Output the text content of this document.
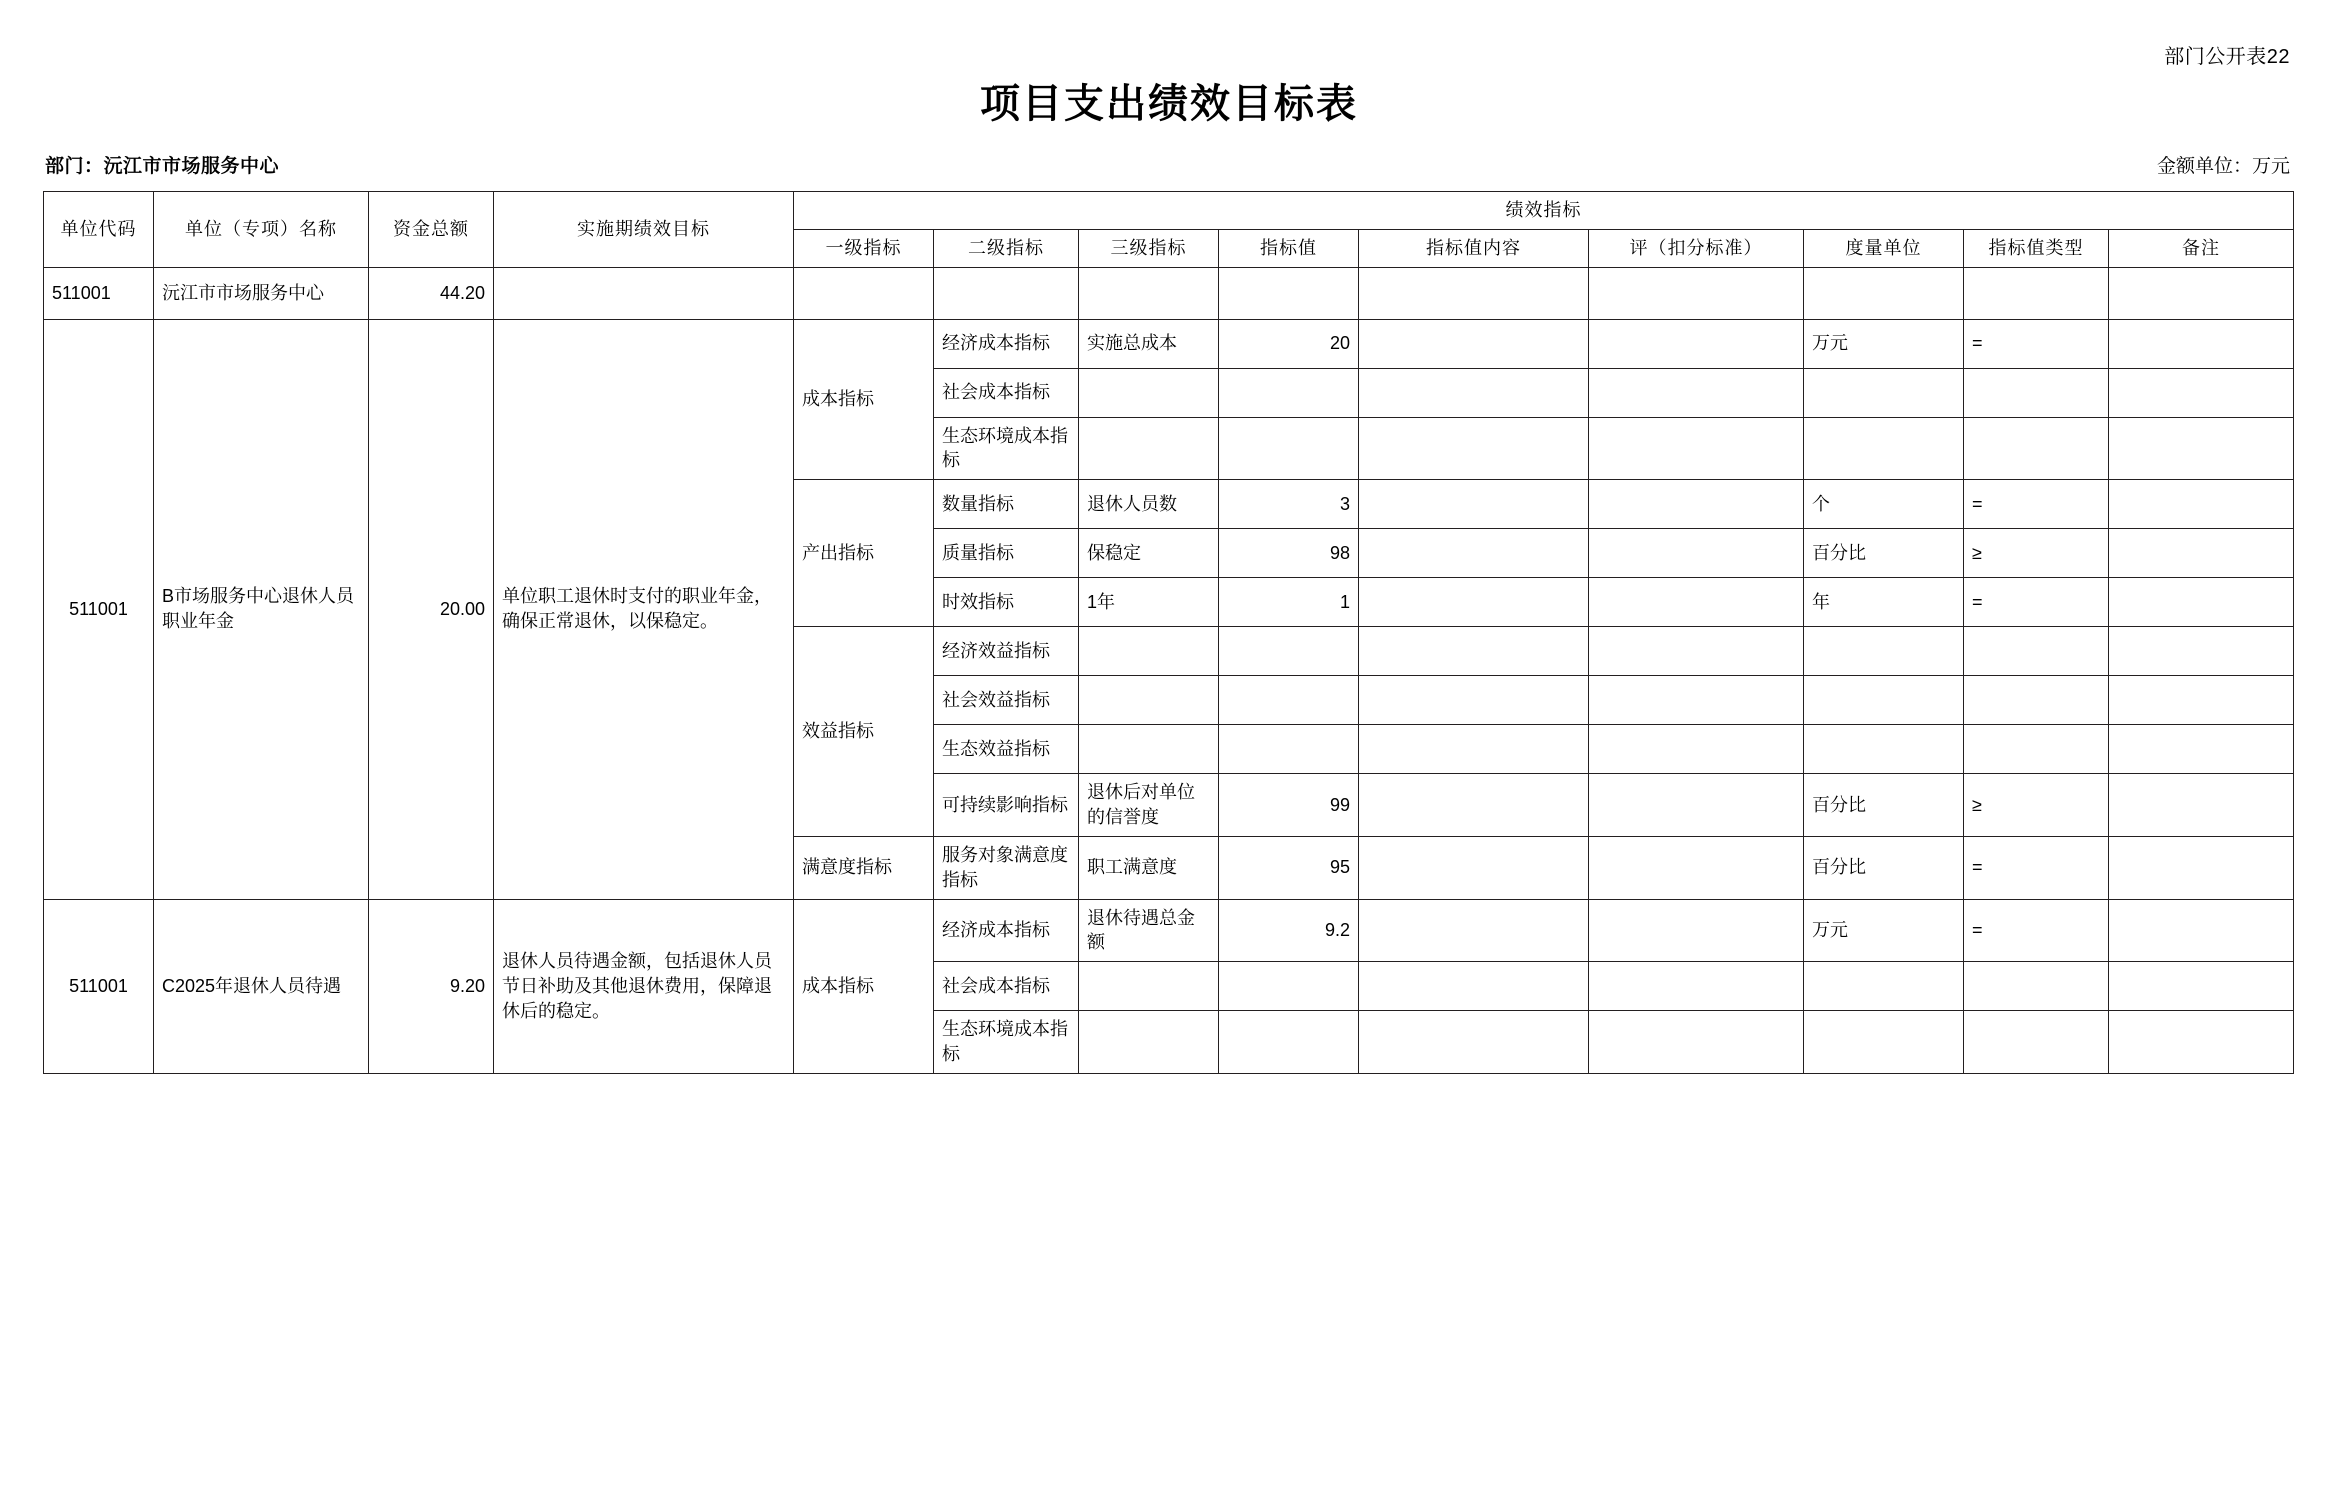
部门公开表22
项目支出绩效目标表
部门：沅江市市场服务中心	金额单位：万元
单位代码	单位（专项）名称	资金总额	实施期绩效目标	绩效指标								
				一级指标	二级指标	三级指标	指标值	指标值内容	评（扣分标准）	度量单位	指标值类型	备注
511001	沅江市市场服务中心	44.20										
511001	B市场服务中心退休人员职业年金	20.00	单位职工退休时支付的职业年金，确保正常退休，以保稳定。	成本指标	经济成本指标	实施总成本	20			万元	=	
					社会成本指标							
					生态环境成本指标							
				产出指标	数量指标	退休人员数	3			个	=	
					质量指标	保稳定	98			百分比	≥	
					时效指标	1年	1			年	=	
				效益指标	经济效益指标							
					社会效益指标							
					生态效益指标							
					可持续影响指标	退休后对单位的信誉度	99			百分比	≥	
				满意度指标	服务对象满意度指标	职工满意度	95			百分比	=	
511001	C2025年退休人员待遇	9.20	退休人员待遇金额，包括退休人员节日补助及其他退休费用，保障退休后的稳定。	成本指标	经济成本指标	退休待遇总金额	9.2			万元	=	
					社会成本指标							
					生态环境成本指标							
